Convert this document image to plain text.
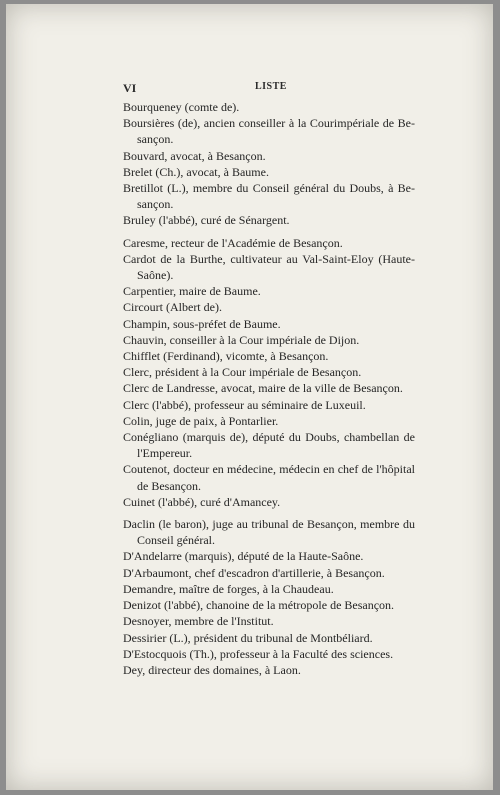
VI	LISTE

Bourqueney (comte de).

Boursières (de), ancien conseiller à la Courimpériale de Besançon.

Bouvard, avocat, à Besançon.

Brelet (Ch.), avocat, à Baume.

Bretillot (L.), membre du Conseil général du Doubs, à Besançon.

Bruley (l'abbé), curé de Sénargent.

Caresme, recteur de l'Académie de Besançon.

Cardot de la Burthe, cultivateur au Val-Saint-Eloy (Haute-Saône).

Carpentier, maire de Baume.

Circourt (Albert de).

Champin, sous-préfet de Baume.

Chauvin, conseiller à la Cour impériale de Dijon.

Chifflet (Ferdinand), vicomte, à Besançon.

Clerc, président à la Cour impériale de Besançon.

Clerc de Landresse, avocat, maire de la ville de Besançon.

Clerc (l'abbé), professeur au séminaire de Luxeuil.

Colin, juge de paix, à Pontarlier.

Conégliano (marquis de), député du Doubs, chambellan de l'Empereur.

Coutenot, docteur en médecine, médecin en chef de l'hôpital de Besançon.

Cuinet (l'abbé), curé d'Amancey.

Daclin (le baron), juge au tribunal de Besançon, membre du Conseil général.

D'Andelarre (marquis), député de la Haute-Saône.

D'Arbaumont, chef d'escadron d'artillerie, à Besançon.

Demandre, maître de forges, à la Chaudeau.

Denizot (l'abbé), chanoine de la métropole de Besançon.

Desnoyer, membre de l'Institut.

Dessirier (L.), président du tribunal de Montbéliard.

D'Estocquois (Th.), professeur à la Faculté des sciences.

Dey, directeur des domaines, à Laon.
